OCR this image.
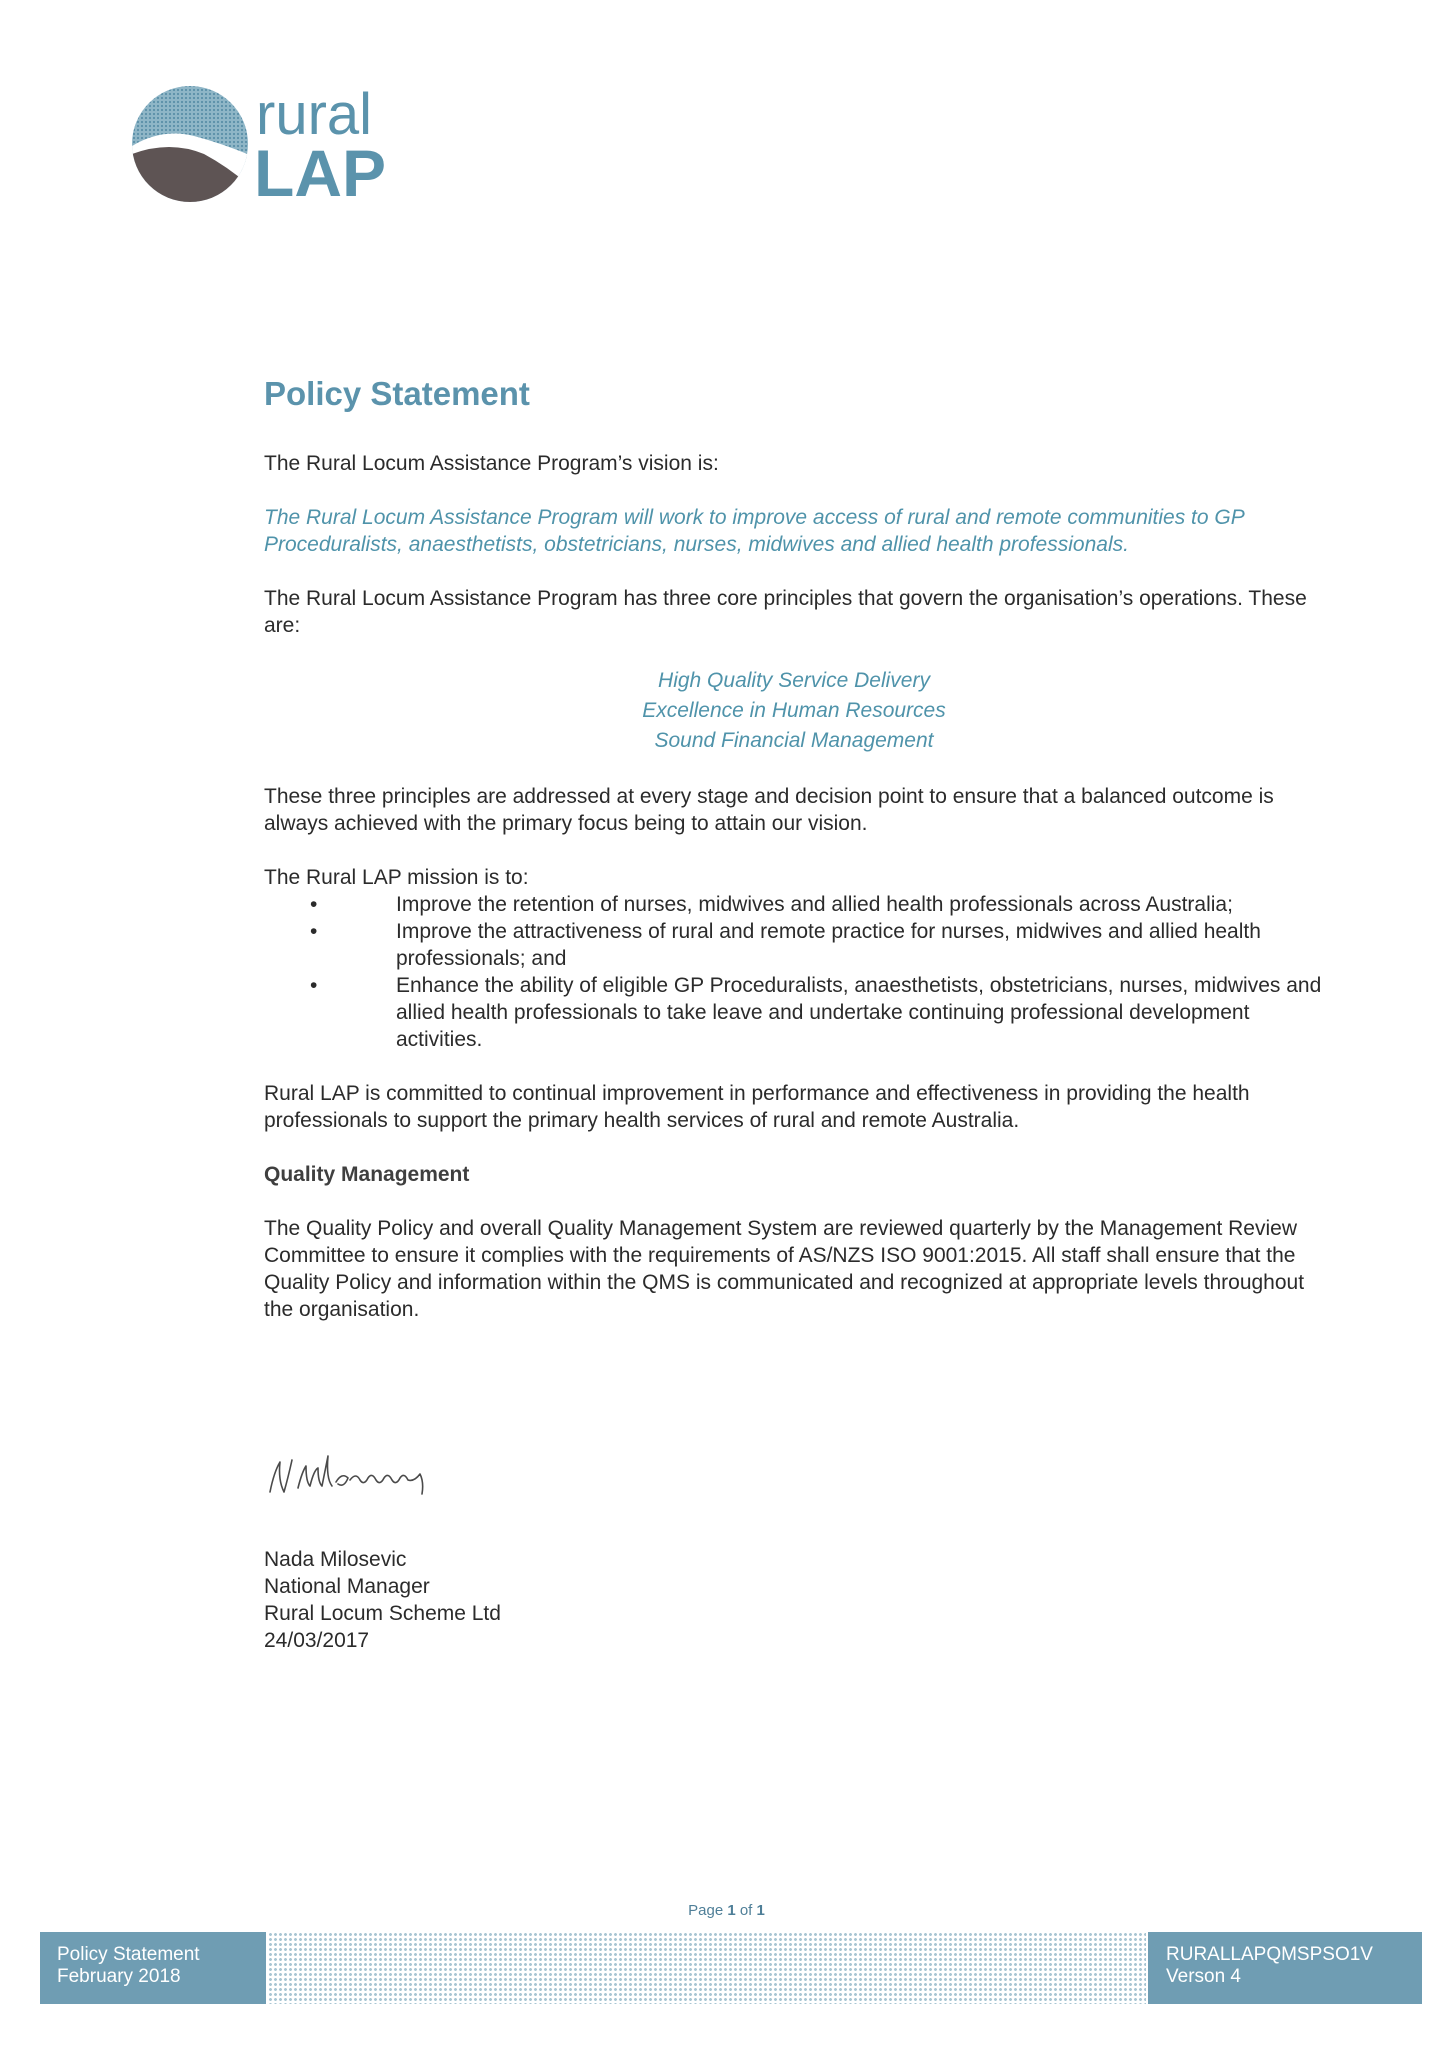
rural
LAP
Policy Statement

The Rural Locum Assistance Program’s vision is:

The Rural Locum Assistance Program will work to improve access of rural and remote communities to GP Proceduralists, anaesthetists, obstetricians, nurses, midwives and allied health professionals.

The Rural Locum Assistance Program has three core principles that govern the organisation’s operations. These are:

High Quality Service Delivery
Excellence in Human Resources
Sound Financial Management

These three principles are addressed at every stage and decision point to ensure that a balanced outcome is always achieved with the primary focus being to attain our vision.

The Rural LAP mission is to:

•	Improve the retention of nurses, midwives and allied health professionals across Australia;
•	Improve the attractiveness of rural and remote practice for nurses, midwives and allied health professionals; and
•	Enhance the ability of eligible GP Proceduralists, anaesthetists, obstetricians, nurses, midwives and allied health professionals to take leave and undertake continuing professional development activities.

Rural LAP is committed to continual improvement in performance and effectiveness in providing the health professionals to support the primary health services of rural and remote Australia.

Quality Management

The Quality Policy and overall Quality Management System are reviewed quarterly by the Management Review Committee to ensure it complies with the requirements of AS/NZS ISO 9001:2015. All staff shall ensure that the Quality Policy and information within the QMS is communicated and recognized at appropriate levels throughout the organisation.

Nada Milosevic
National Manager
Rural Locum Scheme Ltd
24/03/2017
Page 1 of 1
Policy Statement
February 2018
RURALLAPQMSPSO1V
Verson 4
